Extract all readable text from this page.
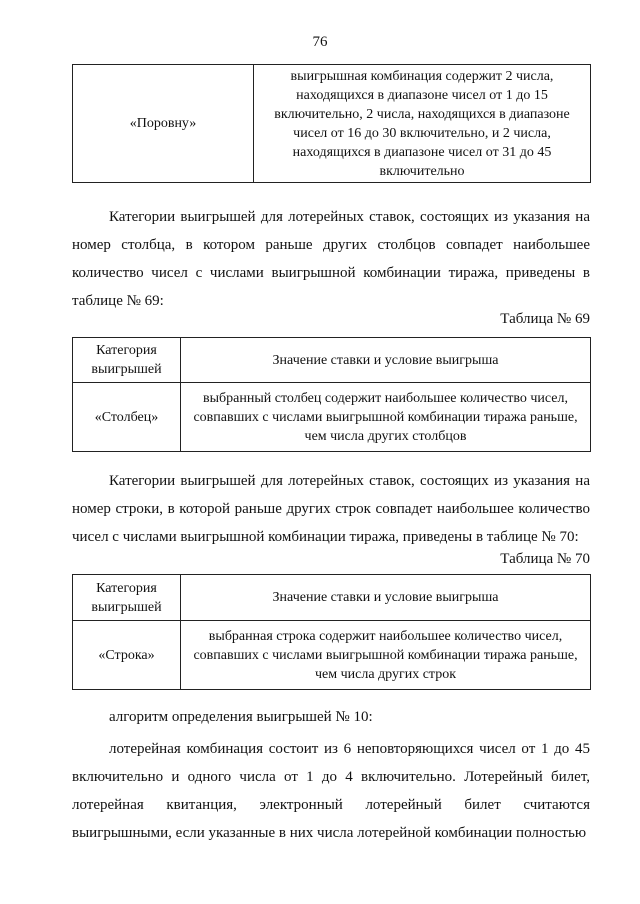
76
«Поровну»	выигрышная комбинация содержит 2 числа, находящихся в диапазоне чисел от 1 до 15 включительно, 2 числа, находящихся в диапазоне чисел от 16 до 30 включительно, и 2 числа, находящихся в диапазоне чисел от 31 до 45 включительно

Категории выигрышей для лотерейных ставок, состоящих из указания на номер столбца, в котором раньше других столбцов совпадет наибольшее количество чисел с числами выигрышной комбинации тиража, приведены в таблице № 69:

Таблица № 69
Категория выигрышей	Значение ставки и условие выигрыша
«Столбец»	выбранный столбец содержит наибольшее количество чисел, совпавших с числами выигрышной комбинации тиража раньше, чем числа других столбцов

Категории выигрышей для лотерейных ставок, состоящих из указания на номер строки, в которой раньше других строк совпадет наибольшее количество чисел с числами выигрышной комбинации тиража, приведены в таблице № 70:

Таблица № 70
Категория выигрышей	Значение ставки и условие выигрыша
«Строка»	выбранная строка содержит наибольшее количество чисел, совпавших с числами выигрышной комбинации тиража раньше, чем числа других строк

алгоритм определения выигрышей № 10:

лотерейная комбинация состоит из 6 неповторяющихся чисел от 1 до 45 включительно и одного числа от 1 до 4 включительно. Лотерейный билет, лотерейная квитанция, электронный лотерейный билет считаются выигрышными, если указанные в них числа лотерейной комбинации полностью
